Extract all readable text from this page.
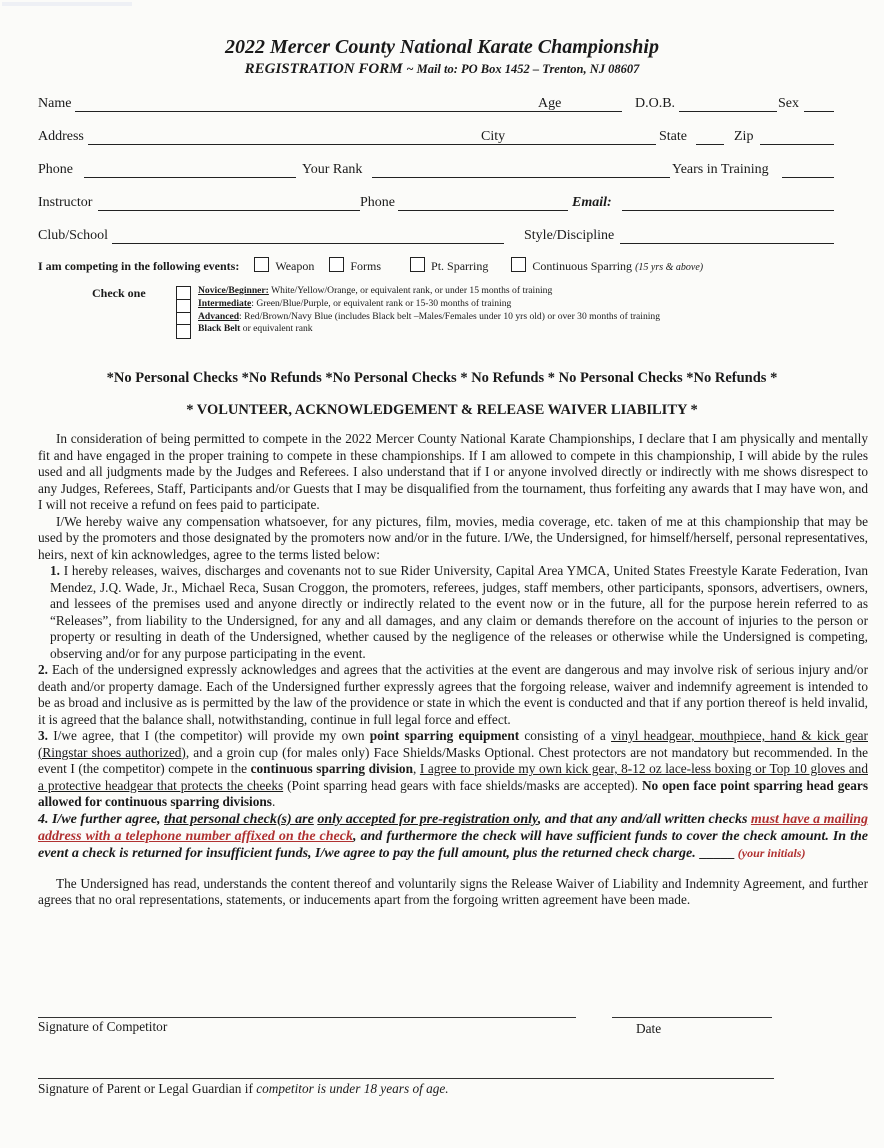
2022 Mercer County National Karate Championship
REGISTRATION FORM ~ Mail to: PO Box 1452 – Trenton, NJ 08607
Name	Age	D.O.B.	Sex
Address	City	State	Zip
Phone	Your Rank	Years in Training
Instructor	Phone	Email:
Club/School	Style/Discipline
I am competing in the following events:	Weapon	Forms	Pt. Sparring	Continuous Sparring (15 yrs & above)
Check one	Novice/Beginner: White/Yellow/Orange, or equivalent rank, or under 15 months of training
Intermediate: Green/Blue/Purple, or equivalent rank or 15-30 months of training
Advanced: Red/Brown/Navy Blue (includes Black belt –Males/Females under 10 yrs old) or over 30 months of training
Black Belt or equivalent rank
*No Personal Checks *No Refunds *No Personal Checks * No Refunds * No Personal Checks *No Refunds *
* VOLUNTEER, ACKNOWLEDGEMENT & RELEASE WAIVER LIABILITY *

In consideration of being permitted to compete in the 2022 Mercer County National Karate Championships, I declare that I am physically and mentally fit and have engaged in the proper training to compete in these championships. If I am allowed to compete in this championship, I will abide by the rules used and all judgments made by the Judges and Referees. I also understand that if I or anyone involved directly or indirectly with me shows disrespect to any Judges, Referees, Staff, Participants and/or Guests that I may be disqualified from the tournament, thus forfeiting any awards that I may have won, and I will not receive a refund on fees paid to participate.

I/We hereby waive any compensation whatsoever, for any pictures, film, movies, media coverage, etc. taken of me at this championship that may be used by the promoters and those designated by the promoters now and/or in the future. I/We, the Undersigned, for himself/herself, personal representatives, heirs, next of kin acknowledges, agree to the terms listed below:

1. I hereby releases, waives, discharges and covenants not to sue Rider University, Capital Area YMCA, United States Freestyle Karate Federation, Ivan Mendez, J.Q. Wade, Jr., Michael Reca, Susan Croggon, the promoters, referees, judges, staff members, other participants, sponsors, advertisers, owners, and lessees of the premises used and anyone directly or indirectly related to the event now or in the future, all for the purpose herein referred to as “Releases”, from liability to the Undersigned, for any and all damages, and any claim or demands therefore on the account of injuries to the person or property or resulting in death of the Undersigned, whether caused by the negligence of the releases or otherwise while the Undersigned is competing, observing and/or for any purpose participating in the event.

2. Each of the undersigned expressly acknowledges and agrees that the activities at the event are dangerous and may involve risk of serious injury and/or death and/or property damage. Each of the Undersigned further expressly agrees that the forgoing release, waiver and indemnify agreement is intended to be as broad and inclusive as is permitted by the law of the providence or state in which the event is conducted and that if any portion thereof is held invalid, it is agreed that the balance shall, notwithstanding, continue in full legal force and effect.

3. I/we agree, that I (the competitor) will provide my own point sparring equipment consisting of a vinyl headgear, mouthpiece, hand & kick gear (Ringstar shoes authorized), and a groin cup (for males only) Face Shields/Masks Optional. Chest protectors are not mandatory but recommended. In the event I (the competitor) compete in the continuous sparring division, I agree to provide my own kick gear, 8-12 oz lace-less boxing or Top 10 gloves and a protective headgear that protects the cheeks (Point sparring head gears with face shields/masks are accepted). No open face point sparring head gears allowed for continuous sparring divisions.

4. I/we further agree, that personal check(s) are only accepted for pre-registration only, and that any and/all written checks must have a mailing address with a telephone number affixed on the check, and furthermore the check will have sufficient funds to cover the check amount. In the event a check is returned for insufficient funds, I/we agree to pay the full amount, plus the returned check charge. _____ (your initials)

The Undersigned has read, understands the content thereof and voluntarily signs the Release Waiver of Liability and Indemnity Agreement, and further agrees that no oral representations, statements, or inducements apart from the forgoing written agreement have been made.

Signature of Competitor	Date
Signature of Parent or Legal Guardian if competitor is under 18 years of age.
